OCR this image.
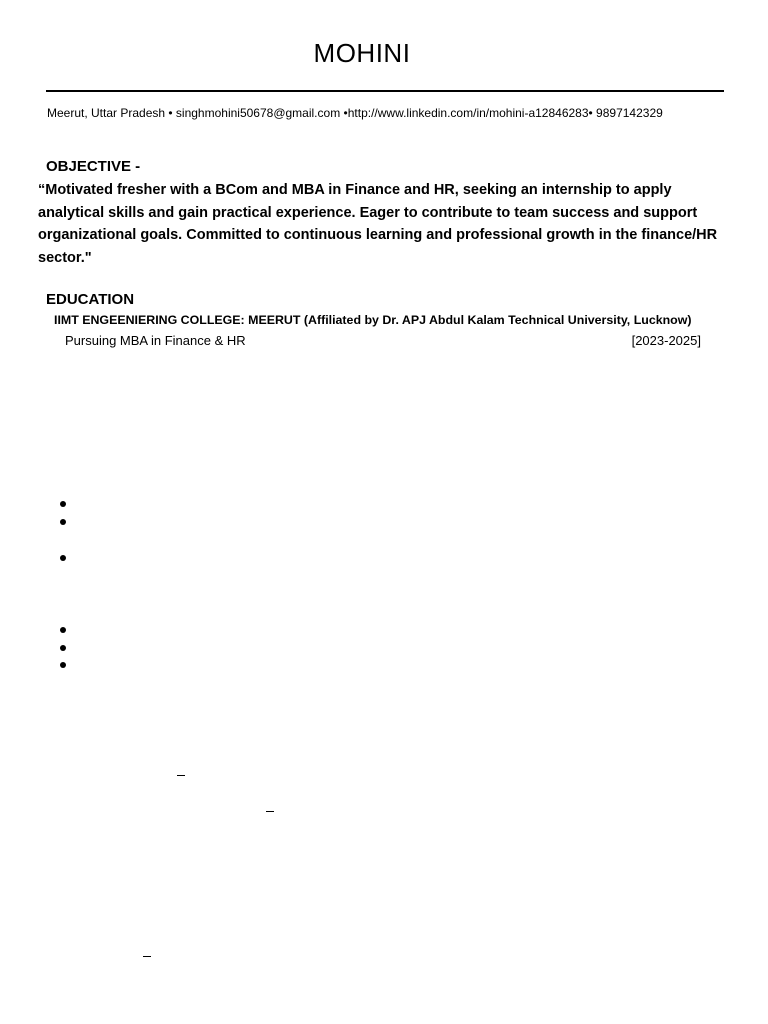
MOHINI
Meerut, Uttar Pradesh • singhmohini50678@gmail.com •http://www.linkedin.com/in/mohini-a12846283• 9897142329
OBJECTIVE -
“Motivated fresher with a BCom and MBA in Finance and HR, seeking an internship to apply analytical skills and gain practical experience. Eager to contribute to team success and support organizational goals. Committed to continuous learning and professional growth in the finance/HR sector."
EDUCATION
IIMT ENGEENIERING COLLEGE: MEERUT (Affiliated by Dr. APJ Abdul Kalam Technical University, Lucknow)
Pursuing MBA in Finance & HR	[2023-2025]
